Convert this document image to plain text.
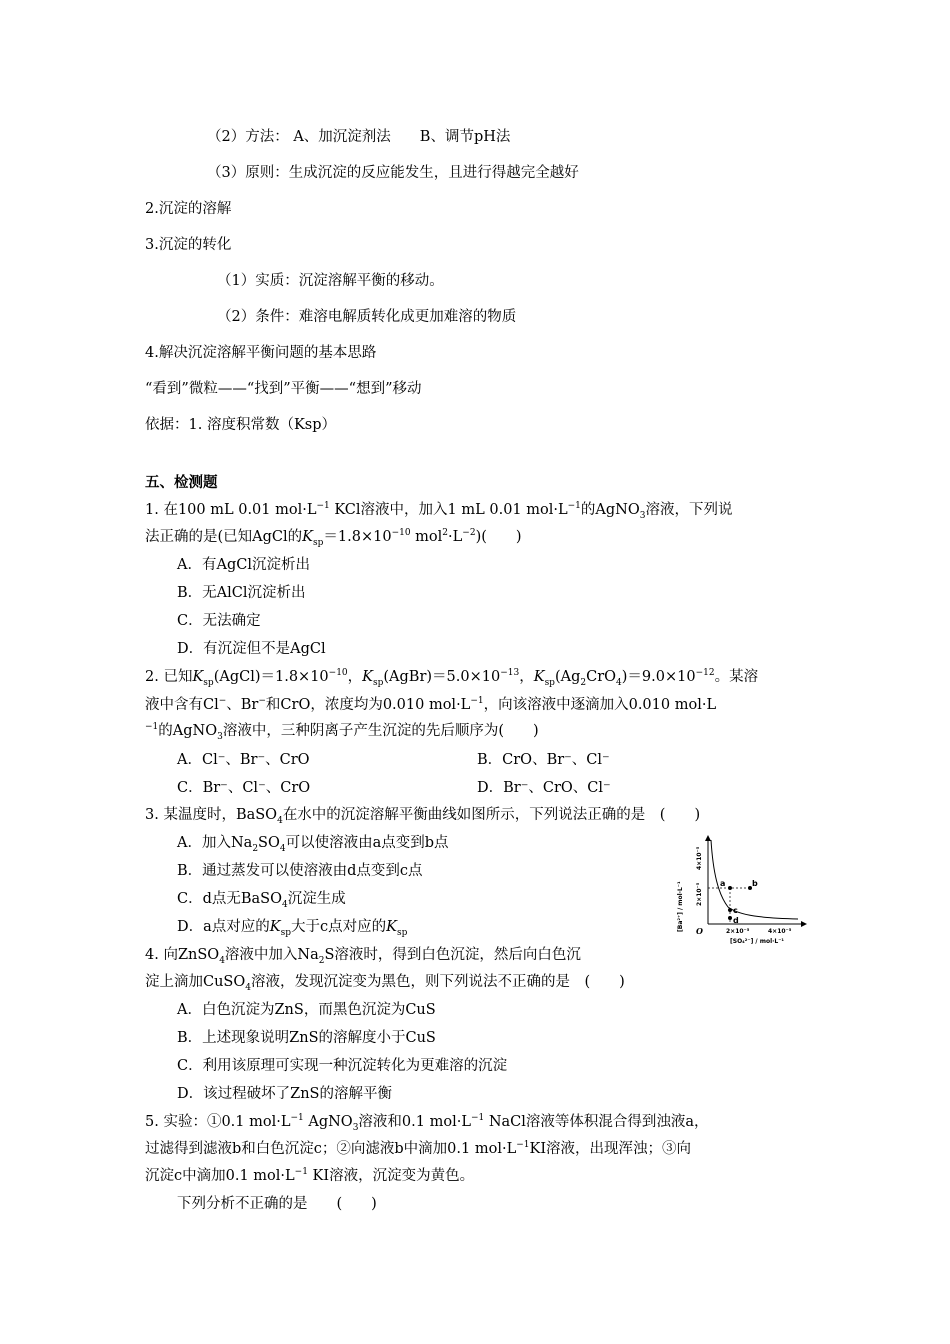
（2）方法： A、加沉淀剂法　　B、调节pH法
（3）原则：生成沉淀的反应能发生，且进行得越完全越好
2.沉淀的溶解
3.沉淀的转化
（1）实质：沉淀溶解平衡的移动。
（2）条件：难溶电解质转化成更加难溶的物质
4.解决沉淀溶解平衡问题的基本思路
“看到”微粒——“找到”平衡——“想到”移动
依据：1. 溶度积常数（Ksp）
五、检测题
1. 在100 mL 0.01 $mol\cdot L^{-1}$ KCl溶液中，加入1 mL 0.01 $mol\cdot L^{-1}$的AgNO$_3$溶液，下列说
法正确的是(已知AgCl的$K_{sp}=1.8\times 10^{-10}$ $mol^2\cdot L^{-2}$)(　　)
A．有AgCl沉淀析出
B．无AlCl沉淀析出
C．无法确定
D．有沉淀但不是AgCl
2. 已知$K_{sp}(AgCl)=1.8\times 10^{-10}$，$K_{sp}(AgBr)=5.0\times 10^{-13}$，$K_{sp}(Ag_2CrO_4)=9.0\times 10^{-12}$。某溶
液中含有Cl−、Br−和CrO，浓度均为0.010 $mol\cdot L^{-1}$，向该溶液中逐滴加入0.010 mol·L
$^{-1}$的AgNO$_3$溶液中，三种阴离子产生沉淀的先后顺序为(　　)
A．Cl⁻、Br⁻、CrO	B．CrO、Br⁻、Cl⁻
C．Br⁻、Cl⁻、CrO	D．Br⁻、CrO、Cl⁻
3. 某温度时，BaSO$_4$在水中的沉淀溶解平衡曲线如图所示，下列说法正确的是　(　　)
A．加入$Na_2SO_4$可以使溶液由a点变到b点
B．通过蒸发可以使溶液由d点变到c点
C．d点无BaSO$_4$沉淀生成
D．a点对应的$K_{sp}$大于c点对应的$K_{sp}$
a	b
c
d
O	2×10⁻⁵	4×10⁻⁵
[SO₄²⁻] / mol·L⁻¹
[Ba²⁺] / mol·L⁻¹ 2×10⁻⁵
4×10⁻⁵
4. 向ZnSO$_4$溶液中加入$Na_2S$溶液时，得到白色沉淀，然后向白色沉
淀上滴加CuSO$_4$溶液，发现沉淀变为黑色，则下列说法不正确的是　(　　)
A．白色沉淀为ZnS，而黑色沉淀为CuS
B．上述现象说明ZnS的溶解度小于CuS
C．利用该原理可实现一种沉淀转化为更难溶的沉淀
D．该过程破坏了ZnS的溶解平衡
5. 实验：①0.1 $mol\cdot L^{-1}$ AgNO$_3$溶液和0.1 $mol\cdot L^{-1}$ NaCl溶液等体积混合得到浊液a，
过滤得到滤液b和白色沉淀c；②向滤液b中滴加0.1 $mol\cdot L^{-1}KI$溶液，出现浑浊；③向
沉淀c中滴加0.1 $mol\cdot L^{-1}$ KI溶液，沉淀变为黄色。
下列分析不正确的是　　(　　)
